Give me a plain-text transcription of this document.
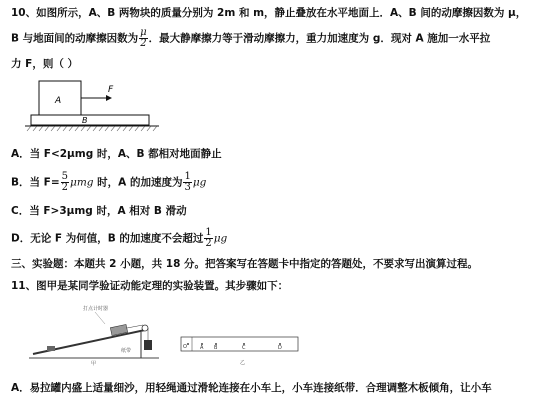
10、如图所示，A、B 两物块的质量分别为 2m 和 m，静止叠放在水平地面上．A、B 间的动摩擦因数为 μ，
B 与地面间的动摩擦因数为 $\frac{\mu}{2}$ ．最大静摩擦力等于滑动摩擦力，重力加速度为 g．现对 A 施加一水平拉
力 F，则（ ）
A
F
B
A．当 F<2μmg 时，A、B 都相对地面静止
B．当 $F= \frac{5}{2}$ μmg 时，A 的加速度为 $\frac{1}{3}$ μg
C．当 F>3μmg 时，A 相对 B 滑动
D．无论 F 为何值，B 的加速度不会超过 $\frac{1}{2}$ μg
三、实验题：本题共 2 小题，共 18 分。把答案写在答题卡中指定的答题处，不要求写出演算过程。
11、图甲是某同学验证动能定理的实验装置。其步骤如下：
打点计时器
纸带
甲
O	A B	C	D
乙
A．易拉罐内盛上适量细沙，用轻绳通过滑轮连接在小车上，小车连接纸带．合理调整木板倾角，让小车
